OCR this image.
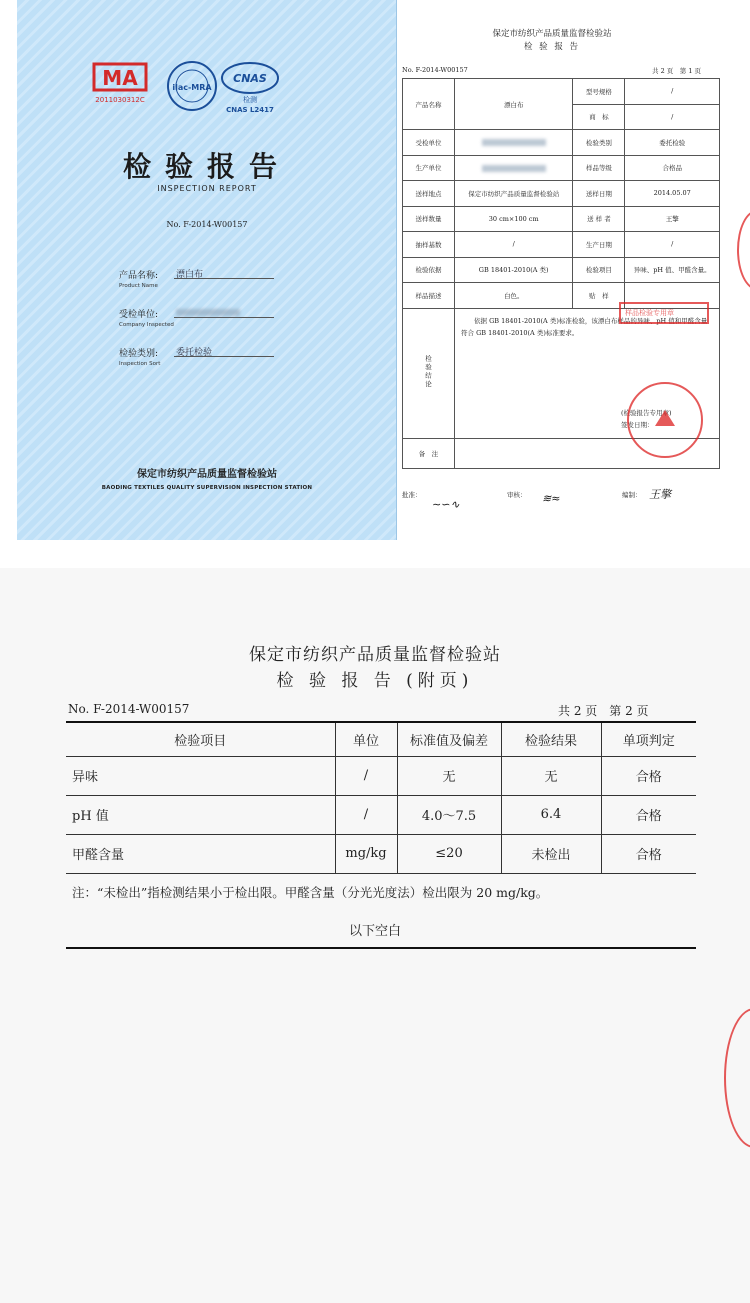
MA
2011030312C
ilac-MRA
CNAS
检测
CNAS L2417
检验报告
INSPECTION REPORT
No. F-2014-W00157
产品名称:
Product Name
漂白布
受检单位:
Company Inspected
检验类别:
Inspection Sort
委托检验
保定市纺织产品质量监督检验站
BAODING TEXTILES QUALITY SUPERVISION INSPECTION STATION
保定市纺织产品质量监督检验站
检 验 报 告
No. F-2014-W00157	共 2 页　第 1 页
产品名称	漂白布	型号规格	/
		商　标	/
受检单位		检验类别	委托检验
生产单位		样品等级	合格品
送样地点	保定市纺织产品质量监督检验站	送样日期	2014.05.07
送样数量	30 cm×100 cm	送 样 者	王擎
抽样基数	/	生产日期	/
检验依据	GB 18401-2010(A 类)	检验项目	异味、pH 值、甲醛含量。
样品描述	白色。	贴　样	
检验结论	依据 GB 18401-2010(A 类)标准检验，该漂白布样品的异味、pH 值和甲醛含量符合 GB 18401-2010(A 类)标准要求。
(检验报告专用章)
签发日期：		

备　注			
批准：	审核：	编制：
∼∽∿	≋≈	王擎
样品检验专用章
保定市纺织产品质量监督检验站
检 验 报 告 (附页)
No. F-2014-W00157	共 2 页　第 2 页
检验项目	单位	标准值及偏差	检验结果	单项判定
异味	/	无	无	合格
pH 值	/	4.0～7.5	6.4	合格
甲醛含量	mg/kg	≤20	未检出	合格
注：“未检出”指检测结果小于检出限。甲醛含量（分光光度法）检出限为 20 mg/kg。
以下空白
